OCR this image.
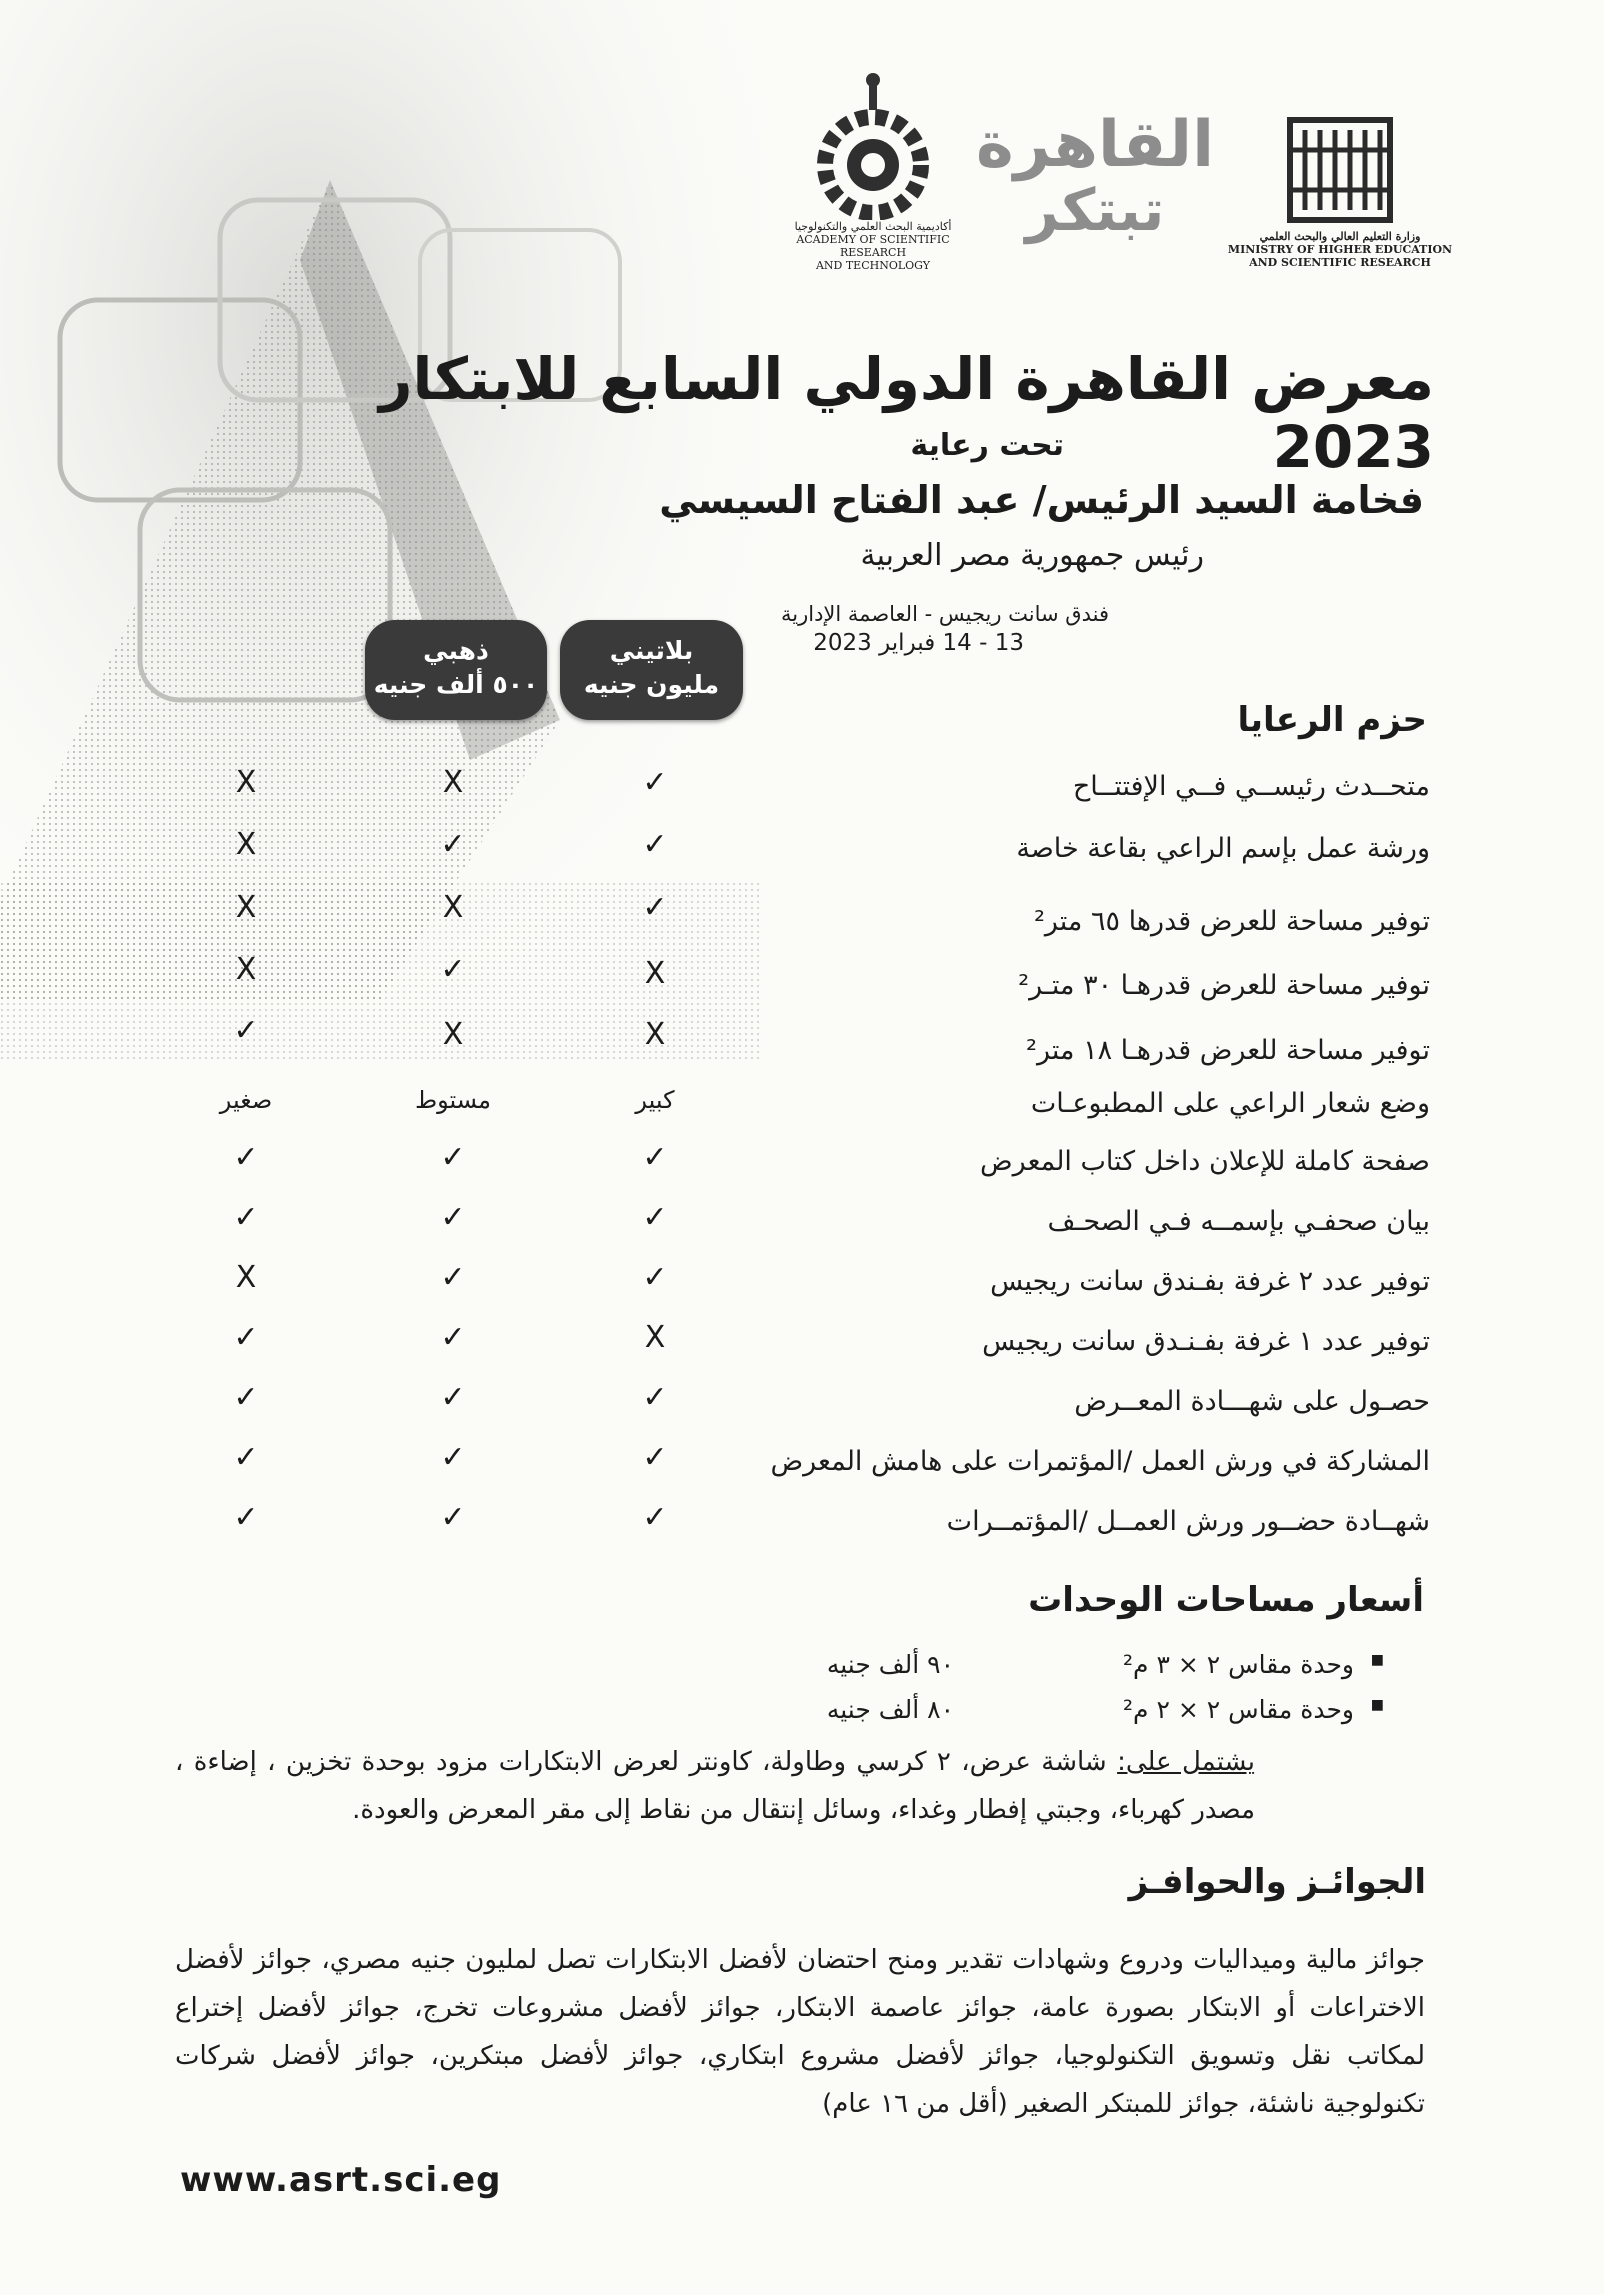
أكاديمية البحث العلمي والتكنولوجيا
ACADEMY OF SCIENTIFIC RESEARCH
AND TECHNOLOGY
القاهرة
تبتكر	وزارة التعليم العالي والبحث العلمي
MINISTRY OF HIGHER EDUCATION
AND SCIENTIFIC RESEARCH
معرض القاهرة الدولي السابع للابتكار 2023
تحت رعاية
فخامة السيد الرئيس/ عبد الفتاح السيسي
رئيس جمهورية مصر العربية
فندق سانت ريجيس - العاصمة الإدارية
13 - 14 فبراير 2023
بلاتيني
مليون جنيه
ذهبي
٥٠٠ ألف جنيه
حزم الرعايا
متحــدث رئيســي فــي الإفتتــاح
✓
X
X
ورشة عمل بإسم الراعي بقاعة خاصة
✓
✓
X
توفير مساحة للعرض قدرها ٦٥ متر²
✓
X
X
توفير مساحة للعرض قدرهـا ٣٠ متـر²
X
✓
X
توفير مساحة للعرض قدرهـا ١٨ متر²
X
X
✓
وضع شعار الراعي على المطبوعـات
كبير
مستوط
صغير
صفحة كاملة للإعلان داخل كتاب المعرض
✓
✓
✓
بيان صحفـي بإسمــه فـي الصحـف
✓
✓
✓
توفير عدد ٢ غرفة بفـندق سانت ريجيس
✓
✓
X
توفير عدد ١ غرفة بفـنـدق سانت ريجيس
X
✓
✓
حصـول على شهـــادة المعــرض
✓
✓
✓
المشاركة في ورش العمل /المؤتمرات على هامش المعرض
✓
✓
✓
شهــادة حضــور ورش العمــل /المؤتمــرات
✓
✓
✓
أسعار مساحات الوحدات
■
وحدة مقاس ٢ × ٣ م²
٩٠ ألف جنيه
■
وحدة مقاس ٢ × ٢ م²
٨٠ ألف جنيه
يشتمل على: شاشة عرض، ٢ كرسي وطاولة، كاونتر لعرض الابتكارات مزود بوحدة تخزين ، إضاءة ، مصدر كهرباء، وجبتي إفطار وغداء، وسائل إنتقال من نقاط إلى مقر المعرض والعودة.
الجوائـز والحوافـز
جوائز مالية وميداليات ودروع وشهادات تقدير ومنح احتضان لأفضل الابتكارات تصل لمليون جنيه مصري، جوائز لأفضل الاختراعات أو الابتكار بصورة عامة، جوائز عاصمة الابتكار، جوائز لأفضل مشروعات تخرج، جوائز لأفضل إختراع لمكاتب نقل وتسويق التكنولوجيا، جوائز لأفضل مشروع ابتكاري، جوائز لأفضل مبتكرين، جوائز لأفضل شركات تكنولوجية ناشئة، جوائز للمبتكر الصغير (أقل من ١٦ عام)
www.asrt.sci.eg
